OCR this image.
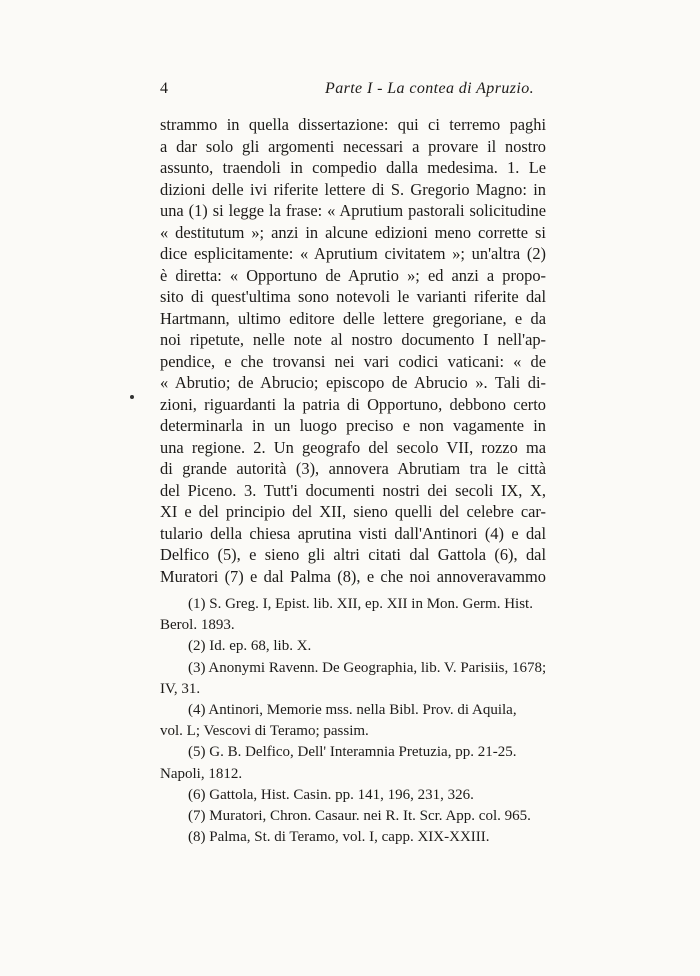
4	Parte I - La contea di Apruzio.
strammo in quella dissertazione: qui ci terremo paghi
a dar solo gli argomenti necessari a provare il nostro
assunto, traendoli in compedio dalla medesima. 1. Le
dizioni delle ivi riferite lettere di S. Gregorio Magno: in
una (1) si legge la frase: « Aprutium pastorali solicitudine
« destitutum »; anzi in alcune edizioni meno corrette si
dice esplicitamente: « Aprutium civitatem »; un'altra (2)
è diretta: « Opportuno de Aprutio »; ed anzi a propo-
sito di quest'ultima sono notevoli le varianti riferite dal
Hartmann, ultimo editore delle lettere gregoriane, e da
noi ripetute, nelle note al nostro documento I nell'ap-
pendice, e che trovansi nei vari codici vaticani: « de
« Abrutio; de Abrucio; episcopo de Abrucio ». Tali di-
zioni, riguardanti la patria di Opportuno, debbono certo
determinarla in un luogo preciso e non vagamente in
una regione. 2. Un geografo del secolo VII, rozzo ma
di grande autorità (3), annovera Abrutiam tra le città
del Piceno. 3. Tutt'i documenti nostri dei secoli IX, X,
XI e del principio del XII, sieno quelli del celebre car-
tulario della chiesa aprutina visti dall'Antinori (4) e dal
Delfico (5), e sieno gli altri citati dal Gattola (6), dal
Muratori (7) e dal Palma (8), e che noi annoveravammo
(1) S. Greg. I, Epist. lib. XII, ep. XII in Mon. Germ. Hist.
Berol. 1893.
(2) Id. ep. 68, lib. X.
(3) Anonymi Ravenn. De Geographia, lib. V. Parisiis, 1678;
IV, 31.
(4) Antinori, Memorie mss. nella Bibl. Prov. di Aquila,
vol. L; Vescovi di Teramo; passim.
(5) G. B. Delfico, Dell' Interamnia Pretuzia, pp. 21-25.
Napoli, 1812.
(6) Gattola, Hist. Casin. pp. 141, 196, 231, 326.
(7) Muratori, Chron. Casaur. nei R. It. Scr. App. col. 965.
(8) Palma, St. di Teramo, vol. I, capp. XIX-XXIII.
